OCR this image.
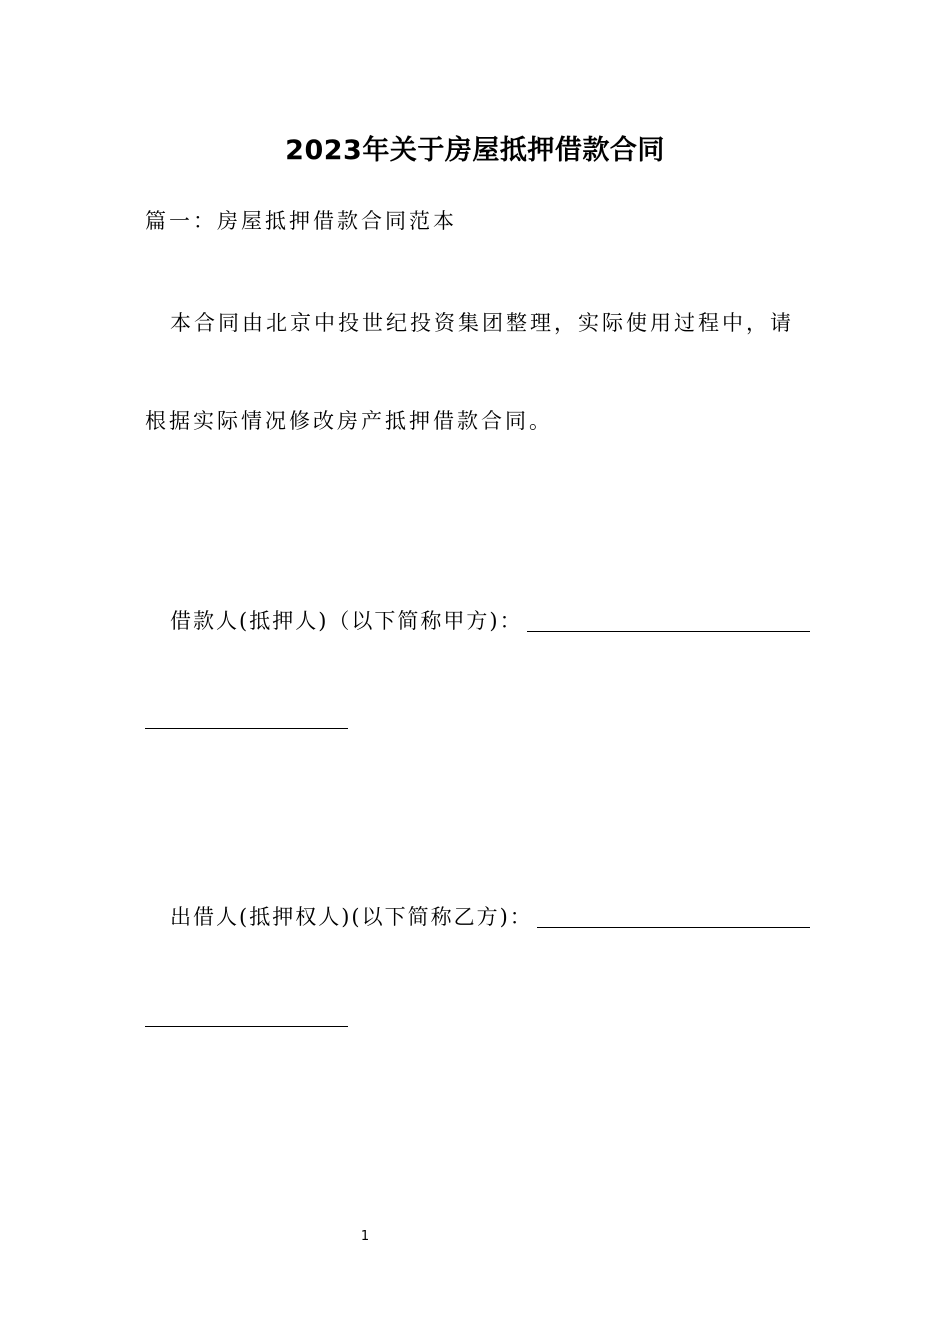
2023年关于房屋抵押借款合同
篇一：房屋抵押借款合同范本
本合同由北京中投世纪投资集团整理，实际使用过程中，请
根据实际情况修改房产抵押借款合同。
借款人(抵押人)（以下简称甲方)：
出借人(抵押权人)(以下简称乙方)：
1
